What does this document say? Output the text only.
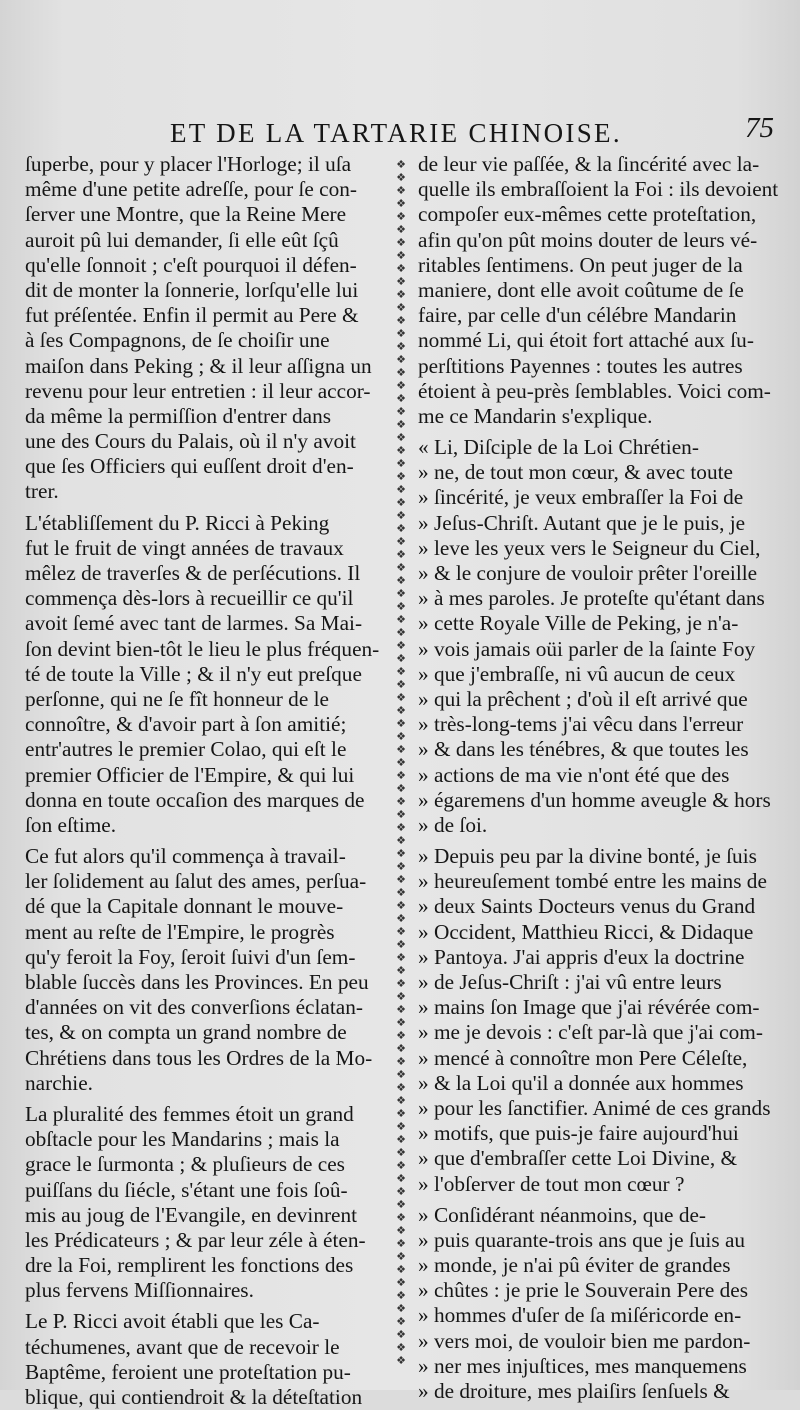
ET DE LA TARTARIE CHINOISE.	75
ſuperbe, pour y placer l'Horloge; il uſa
même d'une petite adreſſe, pour ſe con-
ſerver une Montre, que la Reine Mere
auroit pû lui demander, ſi elle eût ſçû
qu'elle ſonnoit ; c'eſt pourquoi il défen-
dit de monter la ſonnerie, lorſqu'elle lui
fut préſentée. Enfin il permit au Pere &
à ſes Compagnons, de ſe choiſir une
maiſon dans Peking ; & il leur aſſigna un
revenu pour leur entretien : il leur accor-
da même la permiſſion d'entrer dans
une des Cours du Palais, où il n'y avoit
que ſes Officiers qui euſſent droit d'en-
trer.
L'établiſſement du P. Ricci à Peking
fut le fruit de vingt années de travaux
mêlez de traverſes & de perſécutions. Il
commença dès-lors à recueillir ce qu'il
avoit ſemé avec tant de larmes. Sa Mai-
ſon devint bien-tôt le lieu le plus fréquen-
té de toute la Ville ; & il n'y eut preſque
perſonne, qui ne ſe fît honneur de le
connoître, & d'avoir part à ſon amitié;
entr'autres le premier Colao, qui eſt le
premier Officier de l'Empire, & qui lui
donna en toute occaſion des marques de
ſon eſtime.
Ce fut alors qu'il commença à travail-
ler ſolidement au ſalut des ames, perſua-
dé que la Capitale donnant le mouve-
ment au reſte de l'Empire, le progrès
qu'y feroit la Foy, ſeroit ſuivi d'un ſem-
blable ſuccès dans les Provinces. En peu
d'années on vit des converſions éclatan-
tes, & on compta un grand nombre de
Chrétiens dans tous les Ordres de la Mo-
narchie.
La pluralité des femmes étoit un grand
obſtacle pour les Mandarins ; mais la
grace le ſurmonta ; & pluſieurs de ces
puiſſans du ſiécle, s'étant une fois ſoû-
mis au joug de l'Evangile, en devinrent
les Prédicateurs ; & par leur zéle à éten-
dre la Foi, remplirent les fonctions des
plus fervens Miſſionnaires.
Le P. Ricci avoit établi que les Ca-
téchumenes, avant que de recevoir le
Baptême, feroient une proteſtation pu-
blique, qui contiendroit & la déteſtation
❖
❖
❖
❖
❖
❖
❖
❖
❖
❖
❖
❖
❖
❖
❖
❖
❖
❖
❖
❖
❖
❖
❖
❖
❖
❖
❖
❖
❖
❖
❖
❖
❖
❖
❖
❖
❖
❖
❖
❖
❖
❖
❖
❖
❖
❖
❖
❖
❖
❖
❖
❖
❖
❖
❖
❖
❖
❖
❖
❖
❖
❖
❖
❖
❖
❖
❖
❖
❖
❖
❖
❖
❖
❖
❖
❖
❖
❖
❖
❖
❖
❖
❖
❖
❖
❖
❖
❖
❖
❖
❖
❖
❖

de leur vie paſſée, & la ſincérité avec la-
quelle ils embraſſoient la Foi : ils devoient
compoſer eux-mêmes cette proteſtation,
afin qu'on pût moins douter de leurs vé-
ritables ſentimens. On peut juger de la
maniere, dont elle avoit coûtume de ſe
faire, par celle d'un célébre Mandarin
nommé Li, qui étoit fort attaché aux ſu-
perſtitions Payennes : toutes les autres
étoient à peu-près ſemblables. Voici com-
me ce Mandarin s'explique.
« Li, Diſciple de la Loi Chrétien-
» ne, de tout mon cœur, & avec toute
» ſincérité, je veux embraſſer la Foi de
» Jeſus-Chriſt. Autant que je le puis, je
» leve les yeux vers le Seigneur du Ciel,
» & le conjure de vouloir prêter l'oreille
» à mes paroles. Je proteſte qu'étant dans
» cette Royale Ville de Peking, je n'a-
» vois jamais oüi parler de la ſainte Foy
» que j'embraſſe, ni vû aucun de ceux
» qui la prêchent ; d'où il eſt arrivé que
» très-long-tems j'ai vêcu dans l'erreur
» & dans les ténébres, & que toutes les
» actions de ma vie n'ont été que des
» égaremens d'un homme aveugle & hors
» de ſoi.
» Depuis peu par la divine bonté, je ſuis
» heureuſement tombé entre les mains de
» deux Saints Docteurs venus du Grand
» Occident, Matthieu Ricci, & Didaque
» Pantoya. J'ai appris d'eux la doctrine
» de Jeſus-Chriſt : j'ai vû entre leurs
» mains ſon Image que j'ai révérée com-
» me je devois : c'eſt par-là que j'ai com-
» mencé à connoître mon Pere Céleſte,
» & la Loi qu'il a donnée aux hommes
» pour les ſanctifier. Animé de ces grands
» motifs, que puis-je faire aujourd'hui
» que d'embraſſer cette Loi Divine, &
» l'obſerver de tout mon cœur ?
» Conſidérant néanmoins, que de-
» puis quarante-trois ans que je ſuis au
» monde, je n'ai pû éviter de grandes
» chûtes : je prie le Souverain Pere des
» hommes d'uſer de ſa miſéricorde en-
» vers moi, de vouloir bien me pardon-
» ner mes injuſtices, mes manquemens
» de droiture, mes plaiſirs ſenſuels &
